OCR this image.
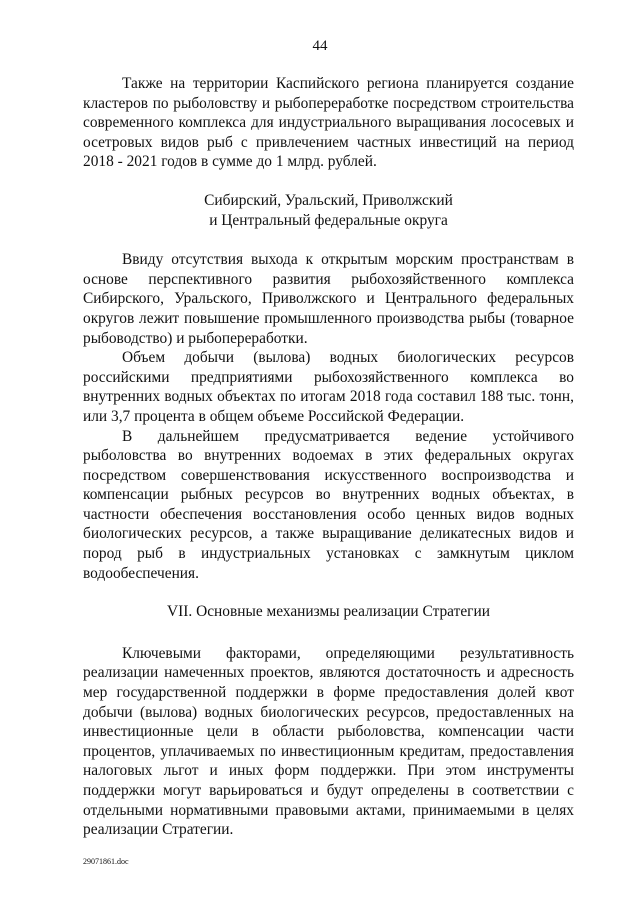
44

Также на территории Каспийского региона планируется создание кластеров по рыболовству и рыбопереработке посредством строительства современного комплекса для индустриального выращивания лососевых и осетровых видов рыб с привлечением частных инвестиций на период 2018 - 2021 годов в сумме до 1 млрд. рублей.

Сибирский, Уральский, Приволжский

и Центральный федеральные округа

Ввиду отсутствия выхода к открытым морским пространствам в основе перспективного развития рыбохозяйственного комплекса Сибирского, Уральского, Приволжского и Центрального федеральных округов лежит повышение промышленного производства рыбы (товарное рыбоводство) и рыбопереработки.

Объем добычи (вылова) водных биологических ресурсов российскими предприятиями рыбохозяйственного комплекса во внутренних водных объектах по итогам 2018 года составил 188 тыс. тонн, или 3,7 процента в общем объеме Российской Федерации.

В дальнейшем предусматривается ведение устойчивого рыболовства во внутренних водоемах в этих федеральных округах посредством совершенствования искусственного воспроизводства и компенсации рыбных ресурсов во внутренних водных объектах, в частности обеспечения восстановления особо ценных видов водных биологических ресурсов, а также выращивание деликатесных видов и пород рыб в индустриальных установках с замкнутым циклом водообеспечения.

VII. Основные механизмы реализации Стратегии

Ключевыми факторами, определяющими результативность реализации намеченных проектов, являются достаточность и адресность мер государственной поддержки в форме предоставления долей квот добычи (вылова) водных биологических ресурсов, предоставленных на инвестиционные цели в области рыболовства, компенсации части процентов, уплачиваемых по инвестиционным кредитам, предоставления налоговых льгот и иных форм поддержки. При этом инструменты поддержки могут варьироваться и будут определены в соответствии с отдельными нормативными правовыми актами, принимаемыми в целях реализации Стратегии.

29071861.doc
